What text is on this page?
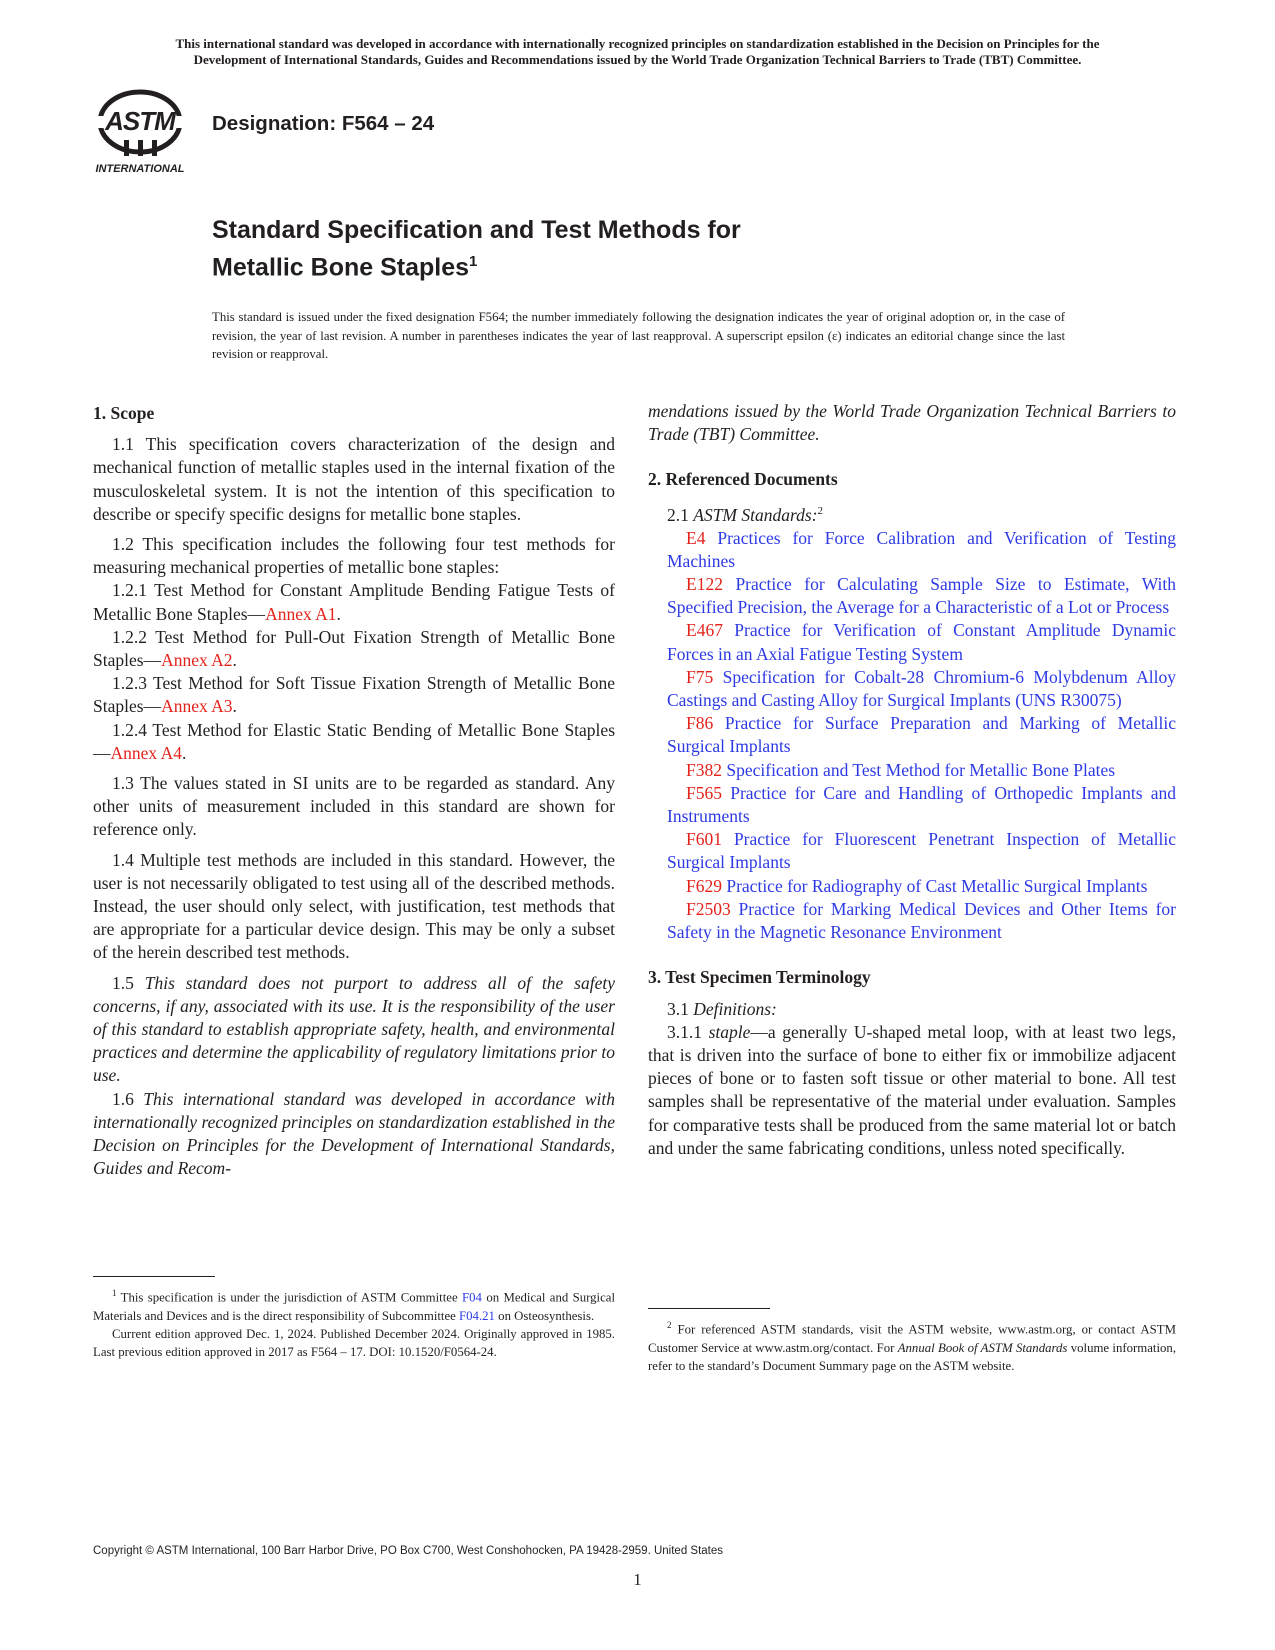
This international standard was developed in accordance with internationally recognized principles on standardization established in the Decision on Principles for the
Development of International Standards, Guides and Recommendations issued by the World Trade Organization Technical Barriers to Trade (TBT) Committee.
ASTM
INTERNATIONAL
Designation: F564 – 24
Standard Specification and Test Methods for
Metallic Bone Staples$^1$
This standard is issued under the fixed designation F564; the number immediately following the designation indicates the year of original adoption or, in the case of revision, the year of last revision. A number in parentheses indicates the year of last reapproval. A superscript epsilon (ε) indicates an editorial change since the last revision or reapproval.
1. Scope

1.1 This specification covers characterization of the design and mechanical function of metallic staples used in the internal fixation of the musculoskeletal system. It is not the intention of this specification to describe or specify specific designs for metallic bone staples.

1.2 This specification includes the following four test methods for measuring mechanical properties of metallic bone staples:

1.2.1 Test Method for Constant Amplitude Bending Fatigue Tests of Metallic Bone Staples—Annex A1.

1.2.2 Test Method for Pull-Out Fixation Strength of Metallic Bone Staples—Annex A2.

1.2.3 Test Method for Soft Tissue Fixation Strength of Metallic Bone Staples—Annex A3.

1.2.4 Test Method for Elastic Static Bending of Metallic Bone Staples—Annex A4.

1.3 The values stated in SI units are to be regarded as standard. Any other units of measurement included in this standard are shown for reference only.

1.4 Multiple test methods are included in this standard. However, the user is not necessarily obligated to test using all of the described methods. Instead, the user should only select, with justification, test methods that are appropriate for a particular device design. This may be only a subset of the herein described test methods.

1.5 This standard does not purport to address all of the safety concerns, if any, associated with its use. It is the responsibility of the user of this standard to establish appropriate safety, health, and environmental practices and determine the applicability of regulatory limitations prior to use.

1.6 This international standard was developed in accordance with internationally recognized principles on standardization established in the Decision on Principles for the Development of International Standards, Guides and Recom-

mendations issued by the World Trade Organization Technical Barriers to Trade (TBT) Committee.

2. Referenced Documents

2.1 ASTM Standards:$^2$

E4 Practices for Force Calibration and Verification of Testing Machines

E122 Practice for Calculating Sample Size to Estimate, With Specified Precision, the Average for a Characteristic of a Lot or Process

E467 Practice for Verification of Constant Amplitude Dynamic Forces in an Axial Fatigue Testing System

F75 Specification for Cobalt-28 Chromium-6 Molybdenum Alloy Castings and Casting Alloy for Surgical Implants (UNS R30075)

F86 Practice for Surface Preparation and Marking of Metallic Surgical Implants

F382 Specification and Test Method for Metallic Bone Plates

F565 Practice for Care and Handling of Orthopedic Implants and Instruments

F601 Practice for Fluorescent Penetrant Inspection of Metallic Surgical Implants

F629 Practice for Radiography of Cast Metallic Surgical Implants

F2503 Practice for Marking Medical Devices and Other Items for Safety in the Magnetic Resonance Environment

3. Test Specimen Terminology

3.1 Definitions:

3.1.1 staple—a generally U-shaped metal loop, with at least two legs, that is driven into the surface of bone to either fix or immobilize adjacent pieces of bone or to fasten soft tissue or other material to bone. All test samples shall be representative of the material under evaluation. Samples for comparative tests shall be produced from the same material lot or batch and under the same fabricating conditions, unless noted specifically.

$^1$ This specification is under the jurisdiction of ASTM Committee F04 on Medical and Surgical Materials and Devices and is the direct responsibility of Subcommittee F04.21 on Osteosynthesis.

Current edition approved Dec. 1, 2024. Published December 2024. Originally approved in 1985. Last previous edition approved in 2017 as F564 – 17. DOI: 10.1520/F0564-24.

$^2$ For referenced ASTM standards, visit the ASTM website, www.astm.org, or contact ASTM Customer Service at www.astm.org/contact. For Annual Book of ASTM Standards volume information, refer to the standard’s Document Summary page on the ASTM website.

Copyright © ASTM International, 100 Barr Harbor Drive, PO Box C700, West Conshohocken, PA 19428-2959. United States
1
